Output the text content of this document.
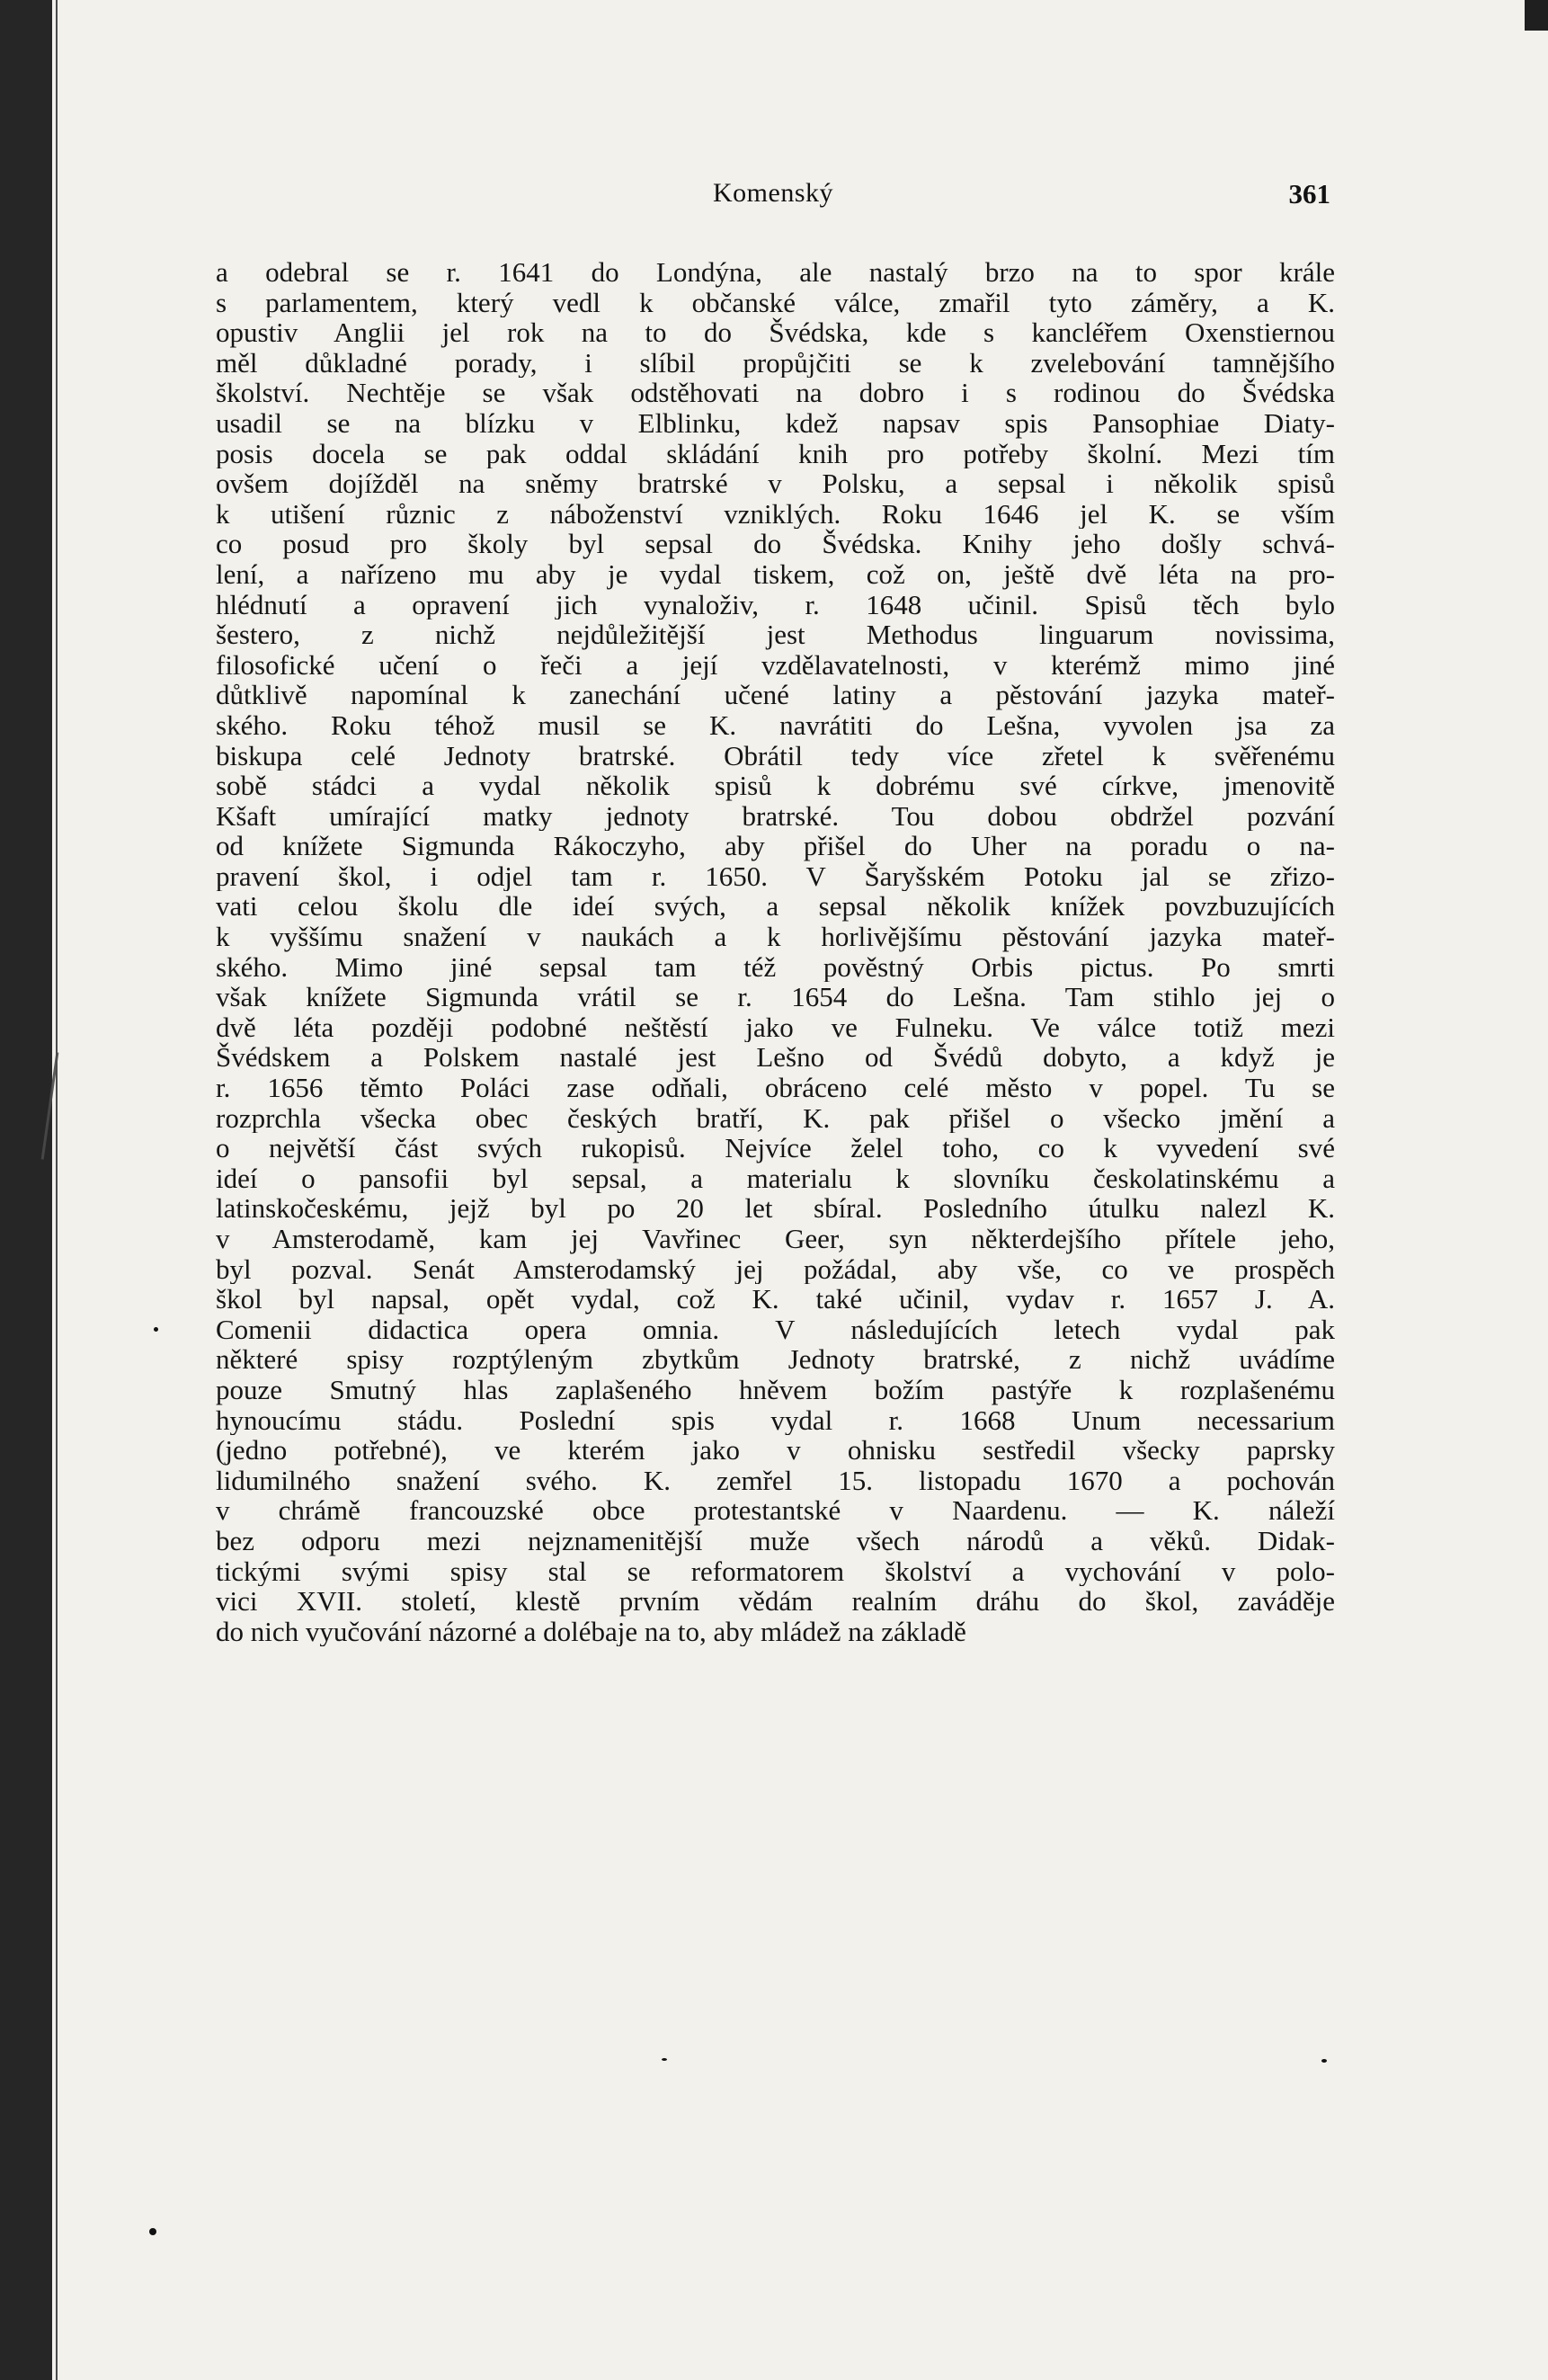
Komenský	361
a odebral se r. 1641 do Londýna, ale nastalý brzo na to spor krále
s parlamentem, který vedl k občanské válce, zmařil tyto záměry, a K.
opustiv Anglii jel rok na to do Švédska, kde s kancléřem Oxenstiernou
měl důkladné porady, i slíbil propůjčiti se k zvelebování tamnějšího
školství. Nechtěje se však odstěhovati na dobro i s rodinou do Švédska
usadil se na blízku v Elblinku, kdež napsav spis Pansophiae Diaty-
posis docela se pak oddal skládání knih pro potřeby školní. Mezi tím
ovšem dojížděl na sněmy bratrské v Polsku, a sepsal i několik spisů
k utišení různic z náboženství vzniklých. Roku 1646 jel K. se vším
co posud pro školy byl sepsal do Švédska. Knihy jeho došly schvá-
lení, a nařízeno mu aby je vydal tiskem, což on, ještě dvě léta na pro-
hlédnutí a opravení jich vynaloživ, r. 1648 učinil. Spisů těch bylo
šestero, z nichž nejdůležitější jest Methodus linguarum novissima,
filosofické učení o řeči a její vzdělavatelnosti, v kterémž mimo jiné
důtklivě napomínal k zanechání učené latiny a pěstování jazyka mateř-
ského. Roku téhož musil se K. navrátiti do Lešna, vyvolen jsa za
biskupa celé Jednoty bratrské. Obrátil tedy více zřetel k svěřenému
sobě stádci a vydal několik spisů k dobrému své církve, jmenovitě
Kšaft umírající matky jednoty bratrské. Tou dobou obdržel pozvání
od knížete Sigmunda Rákoczyho, aby přišel do Uher na poradu o na-
pravení škol, i odjel tam r. 1650. V Šaryšském Potoku jal se zřizo-
vati celou školu dle ideí svých, a sepsal několik knížek povzbuzujících
k vyššímu snažení v naukách a k horlivějšímu pěstování jazyka mateř-
ského. Mimo jiné sepsal tam též pověstný Orbis pictus. Po smrti
však knížete Sigmunda vrátil se r. 1654 do Lešna. Tam stihlo jej o
dvě léta později podobné neštěstí jako ve Fulneku. Ve válce totiž mezi
Švédskem a Polskem nastalé jest Lešno od Švédů dobyto, a když je
r. 1656 těmto Poláci zase odňali, obráceno celé město v popel. Tu se
rozprchla všecka obec českých bratří, K. pak přišel o všecko jmění a
o největší část svých rukopisů. Nejvíce želel toho, co k vyvedení své
ideí o pansofii byl sepsal, a materialu k slovníku českolatinskému a
latinskočeskému, jejž byl po 20 let sbíral. Posledního útulku nalezl K.
v Amsterodamě, kam jej Vavřinec Geer, syn některdejšího přítele jeho,
byl pozval. Senát Amsterodamský jej požádal, aby vše, co ve prospěch
škol byl napsal, opět vydal, což K. také učinil, vydav r. 1657 J. A.
Comenii didactica opera omnia. V následujících letech vydal pak
některé spisy rozptýleným zbytkům Jednoty bratrské, z nichž uvádíme
pouze Smutný hlas zaplašeného hněvem božím pastýře k rozplašenému
hynoucímu stádu. Poslední spis vydal r. 1668 Unum necessarium
(jedno potřebné), ve kterém jako v ohnisku sestředil všecky paprsky
lidumilného snažení svého. K. zemřel 15. listopadu 1670 a pochován
v chrámě francouzské obce protestantské v Naardenu. — K. náleží
bez odporu mezi nejznamenitější muže všech národů a věků. Didak-
tickými svými spisy stal se reformatorem školství a vychování v polo-
vici XVII. století, klestě prvním vědám realním dráhu do škol, zaváděje
do nich vyučování názorné a dolébaje na to, aby mládež na základě
